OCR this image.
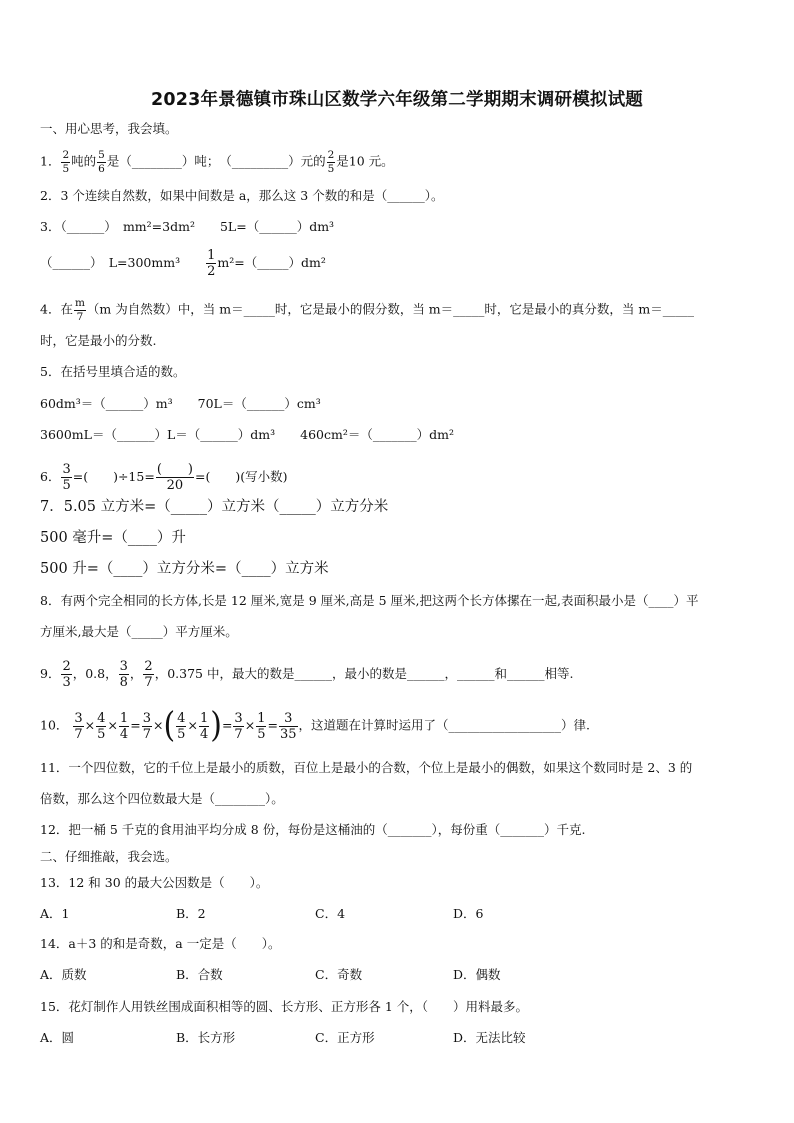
2023年景德镇市珠山区数学六年级第二学期期末调研模拟试题
一、用心思考，我会填。
1． $\frac{2}{5}$ 吨的 $\frac{5}{6}$ 是（________）吨；　（_________）元的 $\frac{2}{5}$ 是10 元。
2．3 个连续自然数，如果中间数是 a，那么这 3 个数的和是（______）。
3．（______）　mm²=3dm²　　5L=（______）dm³
（______）　L=300mm³　　 $\frac{1}{2}$ m²=（_____）dm²
4．在 $\frac{m}{7} (m$ 为自然数）中，当 m＝_____时，它是最小的假分数，当 m＝_____时，它是最小的真分数，当 m＝_____
时，它是最小的分数.
5．在括号里填合适的数。
60dm³＝（______）m³　　70L＝（______）cm³
3600mL＝（______）L＝（______）dm³　　460cm²＝（_______）dm²
6． $\frac{3}{5}$ =(　　)÷15= (　　)
20
=(　　)(写小数)
7．5.05 立方米=（_____）立方米（_____）立方分米
500 毫升=（____）升
500 升=（____）立方分米=（____）立方米
8．有两个完全相同的长方体,长是 12 厘米,宽是 9 厘米,高是 5 厘米,把这两个长方体摞在一起,表面积最小是（____）平
方厘米,最大是（_____）平方厘米。
9． $\frac{2}{3}$ ，0.8， $\frac{3}{8}$ ， $\frac{2}{7}$ ，0.375 中，最大的数是______，最小的数是______，______和______相等.
10． $\frac{3}{7} \times \frac{4}{5} \times \frac{1}{4} = \frac{3}{7}$ ×( $\frac{4}{5} \times \frac{1}{4}$ )= $\frac{3}{7} \times \frac{1}{5} = \frac{3}{35}$ ，这道题在计算时运用了（__________________）律.
11．一个四位数，它的千位上是最小的质数，百位上是最小的合数，个位上是最小的偶数，如果这个数同时是 2、3 的
倍数，那么这个四位数最大是（________）。
12．把一桶 5 千克的食用油平均分成 8 份，每份是这桶油的（_______），每份重（_______）千克.
二、仔细推敲，我会选。
13．12 和 30 的最大公因数是（　　）。
A．1	B．2	C．4	D．6
14．a＋3 的和是奇数，a 一定是（　　）。
A．质数	B．合数	C．奇数	D．偶数
15．花灯制作人用铁丝围成面积相等的圆、长方形、正方形各 1 个，（　　）用料最多。
A．圆	B．长方形	C．正方形	D．无法比较
